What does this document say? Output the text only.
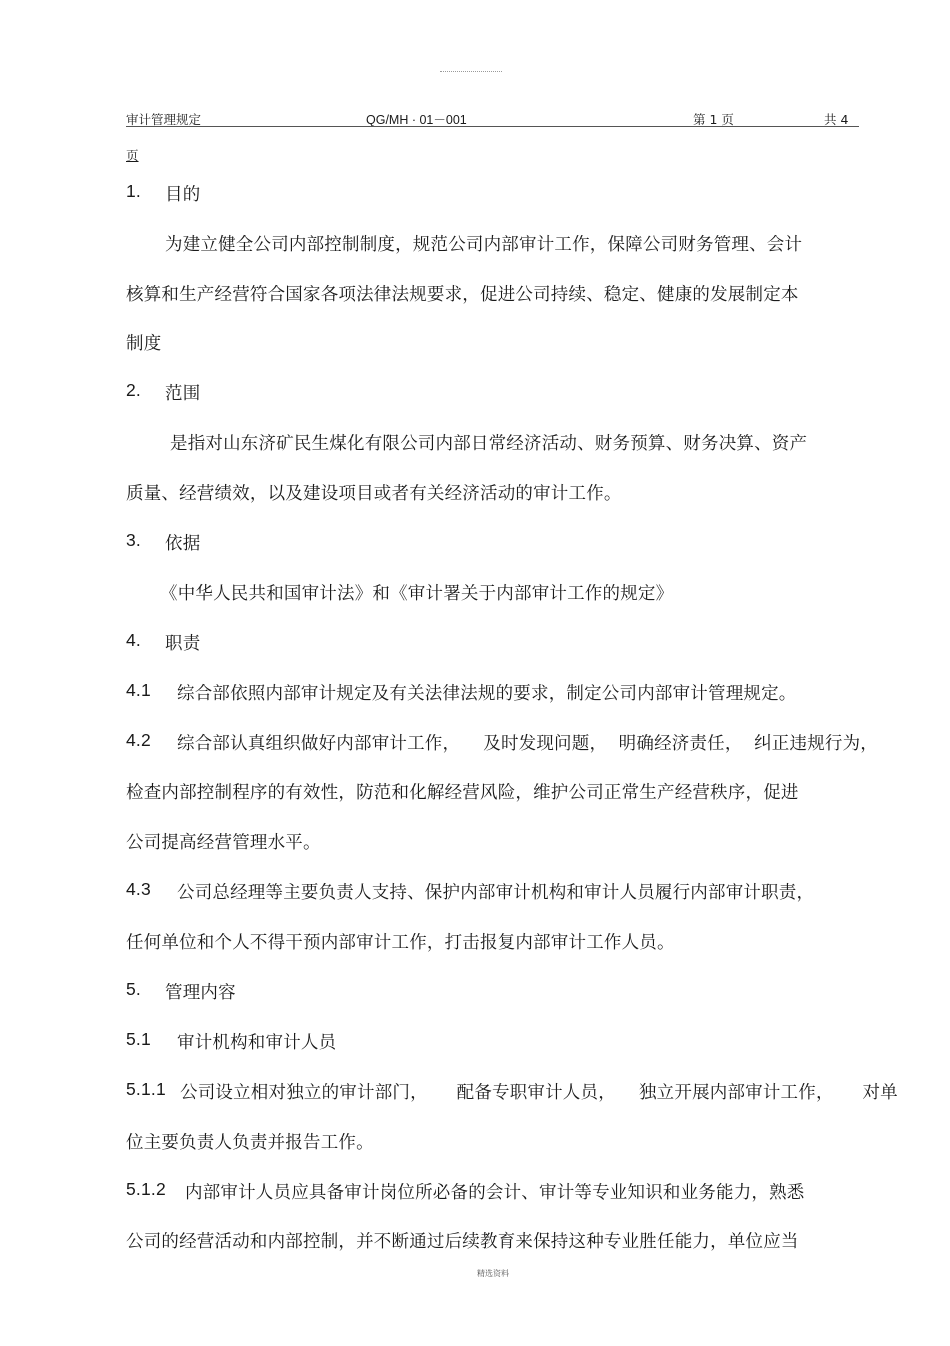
审计管理规定	QG/MH · 01－001	第 1 页	共 4
页
1. 目的
为建立健全公司内部控制制度，规范公司内部审计工作，保障公司财务管理、会计
核算和生产经营符合国家各项法律法规要求，促进公司持续、稳定、健康的发展制定本
制度
2. 范围
是指对山东济矿民生煤化有限公司内部日常经济活动、财务预算、财务决算、资产
质量、经营绩效，以及建设项目或者有关经济活动的审计工作。
3. 依据
《中华人民共和国审计法》和《审计署关于内部审计工作的规定》
4. 职责
4.1 综合部依照内部审计规定及有关法律法规的要求，制定公司内部审计管理规定。
4.2 综合部认真组织做好内部审计工作，    及时发现问题，  明确经济责任，  纠正违规行为，
检查内部控制程序的有效性，防范和化解经营风险，维护公司正常生产经营秩序，促进
公司提高经营管理水平。
4.3 公司总经理等主要负责人支持、保护内部审计机构和审计人员履行内部审计职责，
任何单位和个人不得干预内部审计工作，打击报复内部审计工作人员。
5. 管理内容
5.1 审计机构和审计人员
5.1.1 公司设立相对独立的审计部门，     配备专职审计人员，    独立开展内部审计工作，     对单
位主要负责人负责并报告工作。
5.1.2 内部审计人员应具备审计岗位所必备的会计、审计等专业知识和业务能力，熟悉
公司的经营活动和内部控制，并不断通过后续教育来保持这种专业胜任能力，单位应当
精选资料
